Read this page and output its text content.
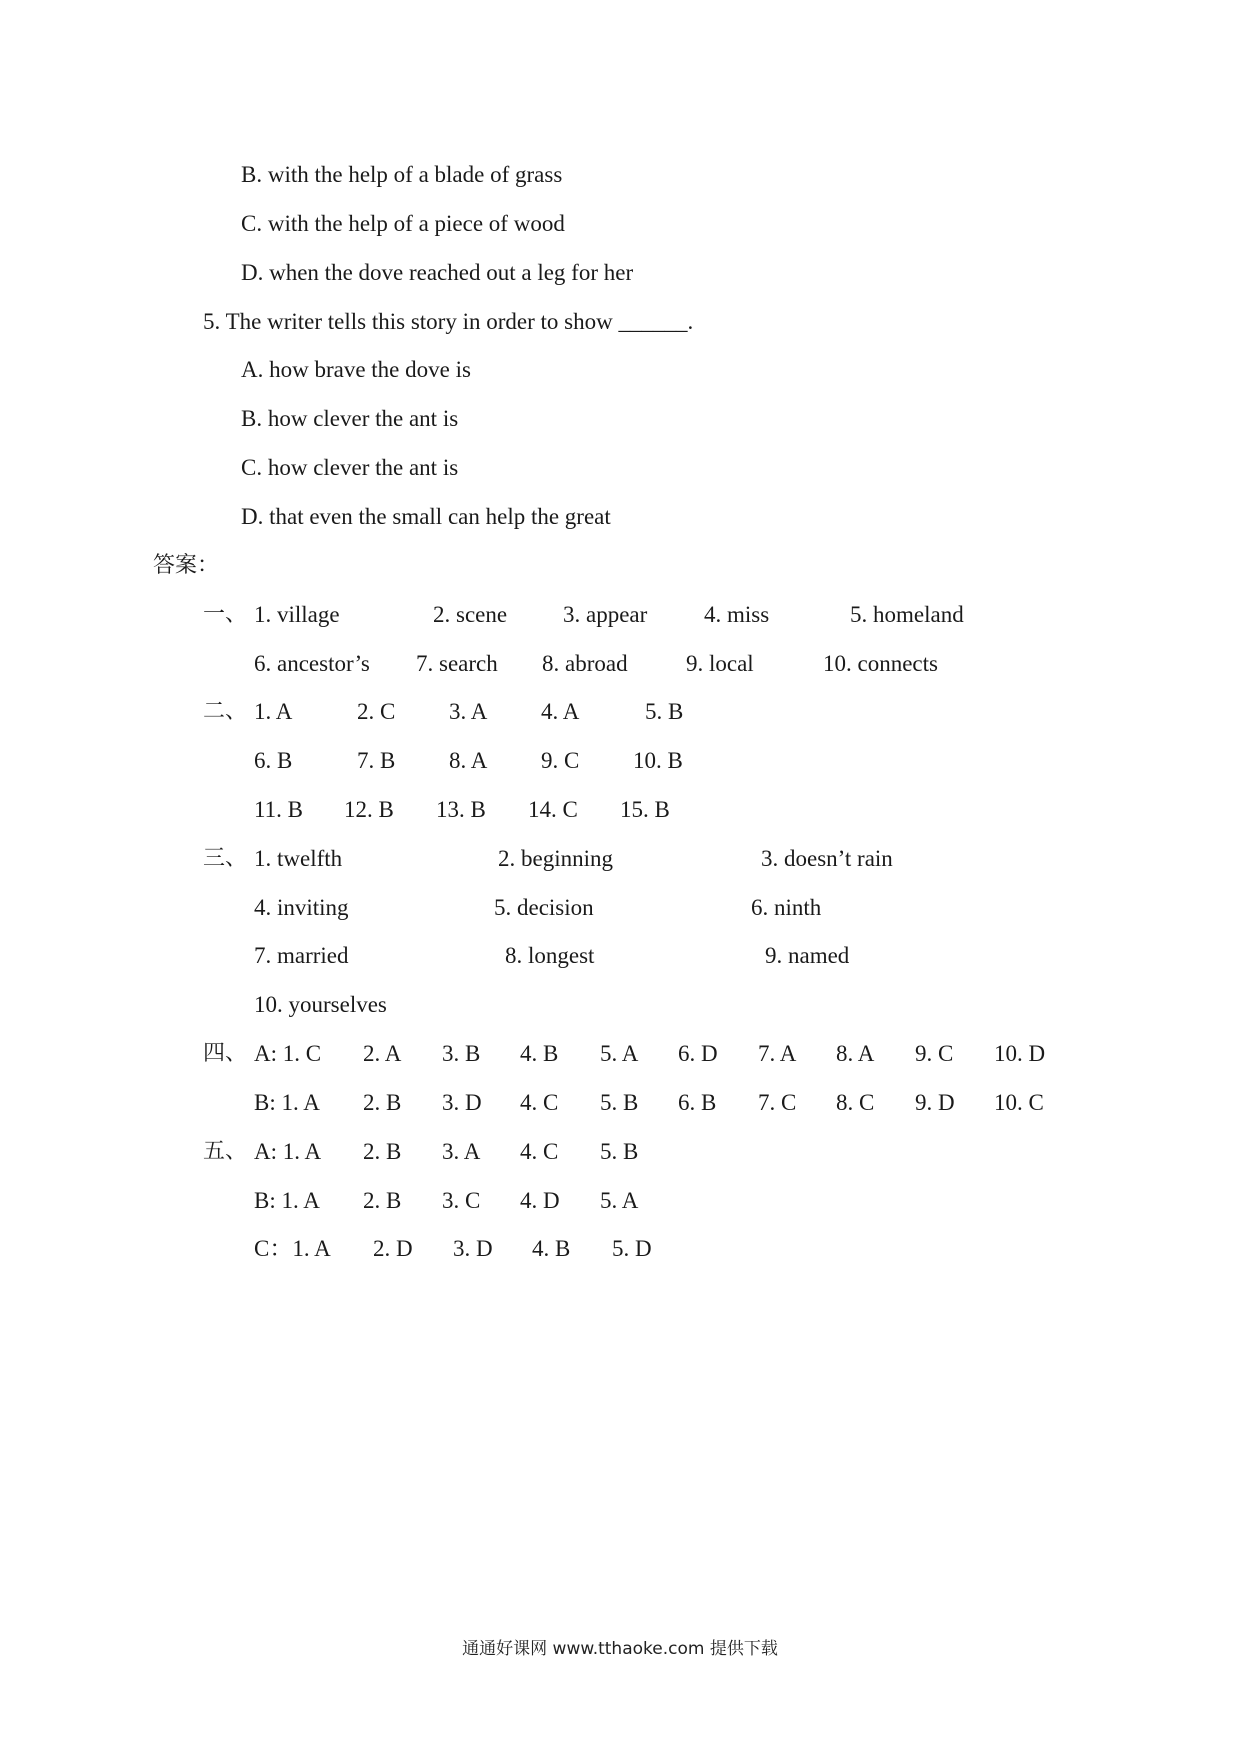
B. with the help of a blade of grass
C. with the help of a piece of wood
D. when the dove reached out a leg for her
5. The writer tells this story in order to show ______.
A. how brave the dove is
B. how clever the ant is
C. how clever the ant is
D. that even the small can help the great
答案：
一、 1. village	2. scene 3. appear 4. miss	5. homeland
6. ancestor’s 7. search 8. abroad	9. local	10. connects
二、 1. A	2. C 3. A 4. A	5. B
6. B	7. B 8. A 9. C 10. B
11. B 12. B 13. B 14. C 15. B
三、 1. twelfth	2. beginning	3. doesn’t rain
4. inviting	5. decision	6. ninth
7. married	8. longest	9. named
10. yourselves
四、 A: 1. C 2. A 3. B 4. B 5. A 6. D 7. A 8. A 9. C 10. D
B: 1. A 2. B 3. D 4. C 5. B 6. B 7. C 8. C 9. D 10. C
五、 A: 1. A 2. B 3. A 4. C 5. B
B: 1. A 2. B 3. C 4. D 5. A
C：1. A 2. D 3. D 4. B 5. D
通通好课网 www.tthaoke.com 提供下载
